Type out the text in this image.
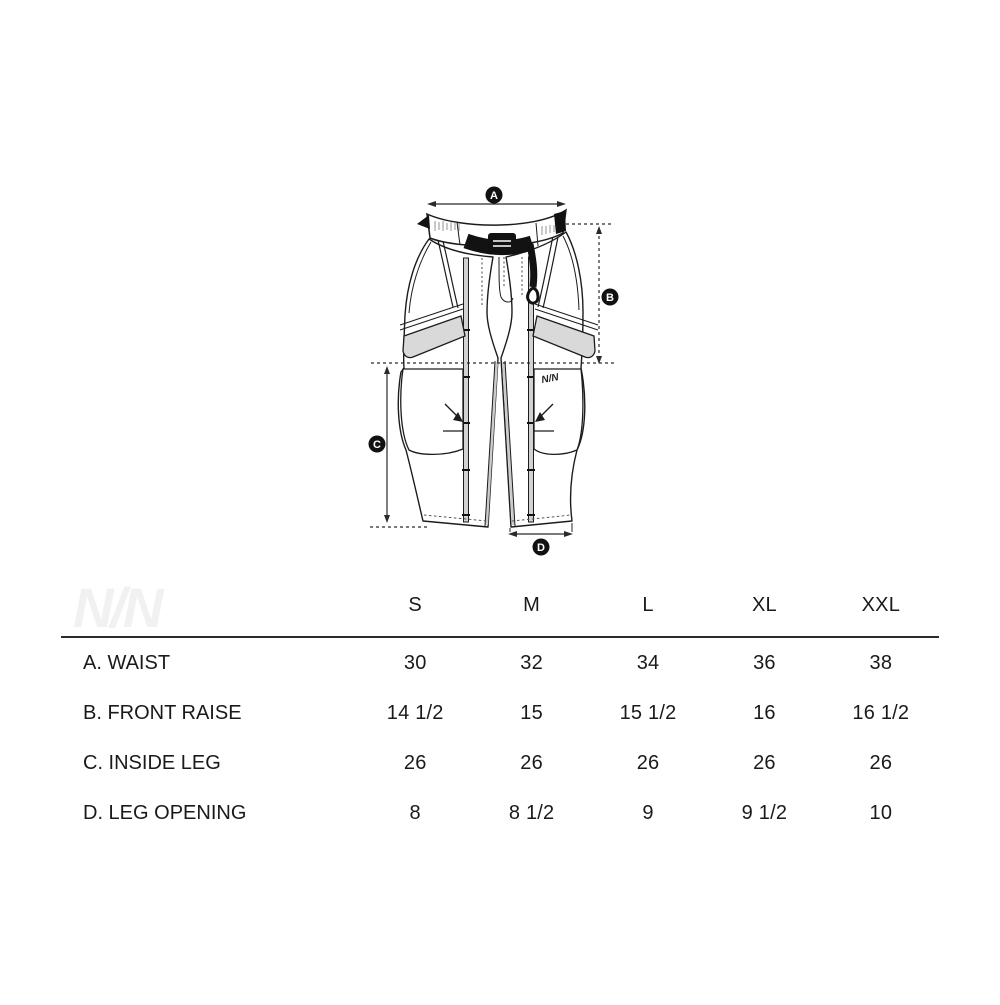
N/N
A
B
C
D
N/N	S	M	L	XL	XXL
A. WAIST	30	32	34	36	38
B. FRONT RAISE	14 1/2	15	15 1/2	16	16 1/2
C. INSIDE LEG	26	26	26	26	26
D. LEG OPENING	8	8 1/2	9	9 1/2	10
